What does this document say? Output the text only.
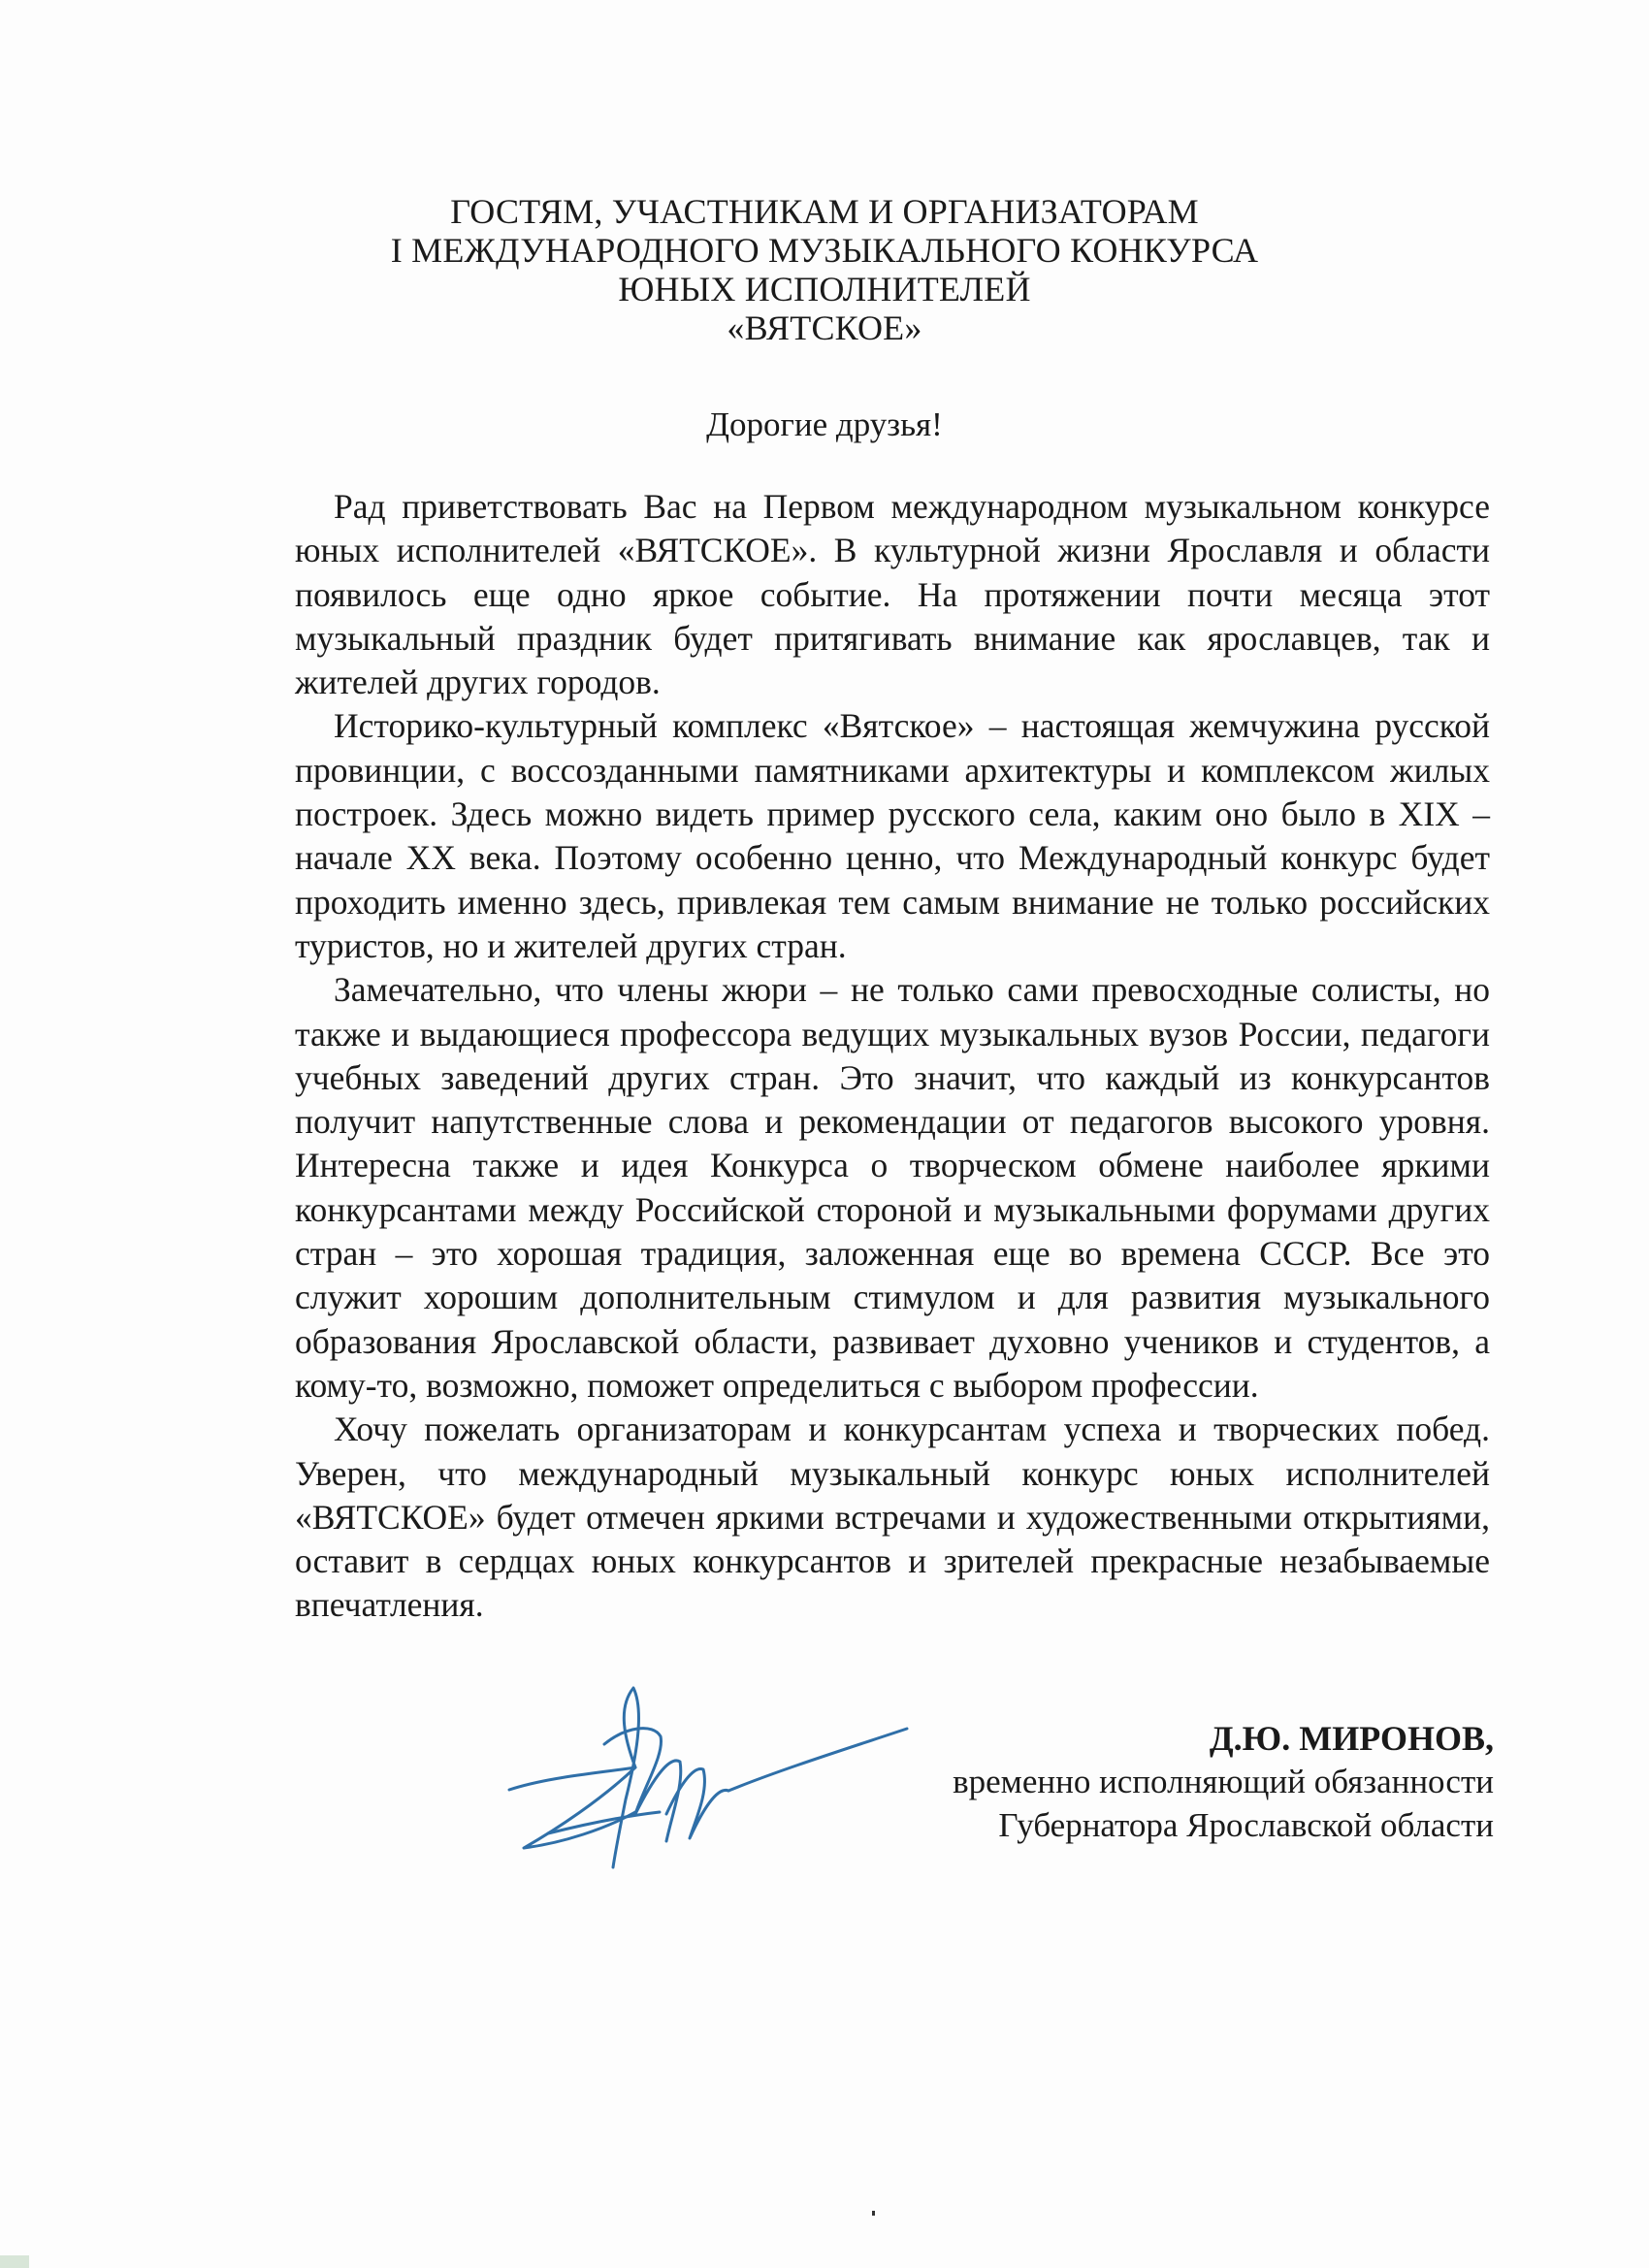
ГОСТЯМ, УЧАСТНИКАМ И ОРГАНИЗАТОРАМ
I МЕЖДУНАРОДНОГО МУЗЫКАЛЬНОГО КОНКУРСА
ЮНЫХ ИСПОЛНИТЕЛЕЙ
«ВЯТСКОЕ»
Дорогие друзья!

Рад приветствовать Вас на Первом международном музыкальном конкурсе юных исполнителей «ВЯТСКОЕ». В культурной жизни Ярославля и области появилось еще одно яркое событие. На протяжении почти месяца этот музыкальный праздник будет притягивать внимание как ярославцев, так и жителей других городов.

Историко-культурный комплекс «Вятское» – настоящая жемчужина русской провинции, с воссозданными памятниками архитектуры и комплексом жилых построек. Здесь можно видеть пример русского села, каким оно было в XIX – начале XX века. Поэтому особенно ценно, что Международный конкурс будет проходить именно здесь, привлекая тем самым внимание не только российских туристов, но и жителей других стран.

Замечательно, что члены жюри – не только сами превосходные солисты, но также и выдающиеся профессора ведущих музыкальных вузов России, педагоги учебных заведений других стран. Это значит, что каждый из конкурсантов получит напутственные слова и рекомендации от педагогов высокого уровня. Интересна также и идея Конкурса о творческом обмене наиболее яркими конкурсантами между Российской стороной и музыкальными форумами других стран – это хорошая традиция, заложенная еще во времена СССР. Все это служит хорошим дополнительным стимулом и для развития музыкального образования Ярославской области, развивает духовно учеников и студентов, а кому-то, возможно, поможет определиться с выбором профессии.

Хочу пожелать организаторам и конкурсантам успеха и творческих побед. Уверен, что международный музыкальный конкурс юных исполнителей «ВЯТСКОЕ» будет отмечен яркими встречами и художественными открытиями, оставит в сердцах юных конкурсантов и зрителей прекрасные незабываемые впечатления.

Д.Ю. МИРОНОВ,
временно исполняющий обязанности
Губернатора Ярославской области
